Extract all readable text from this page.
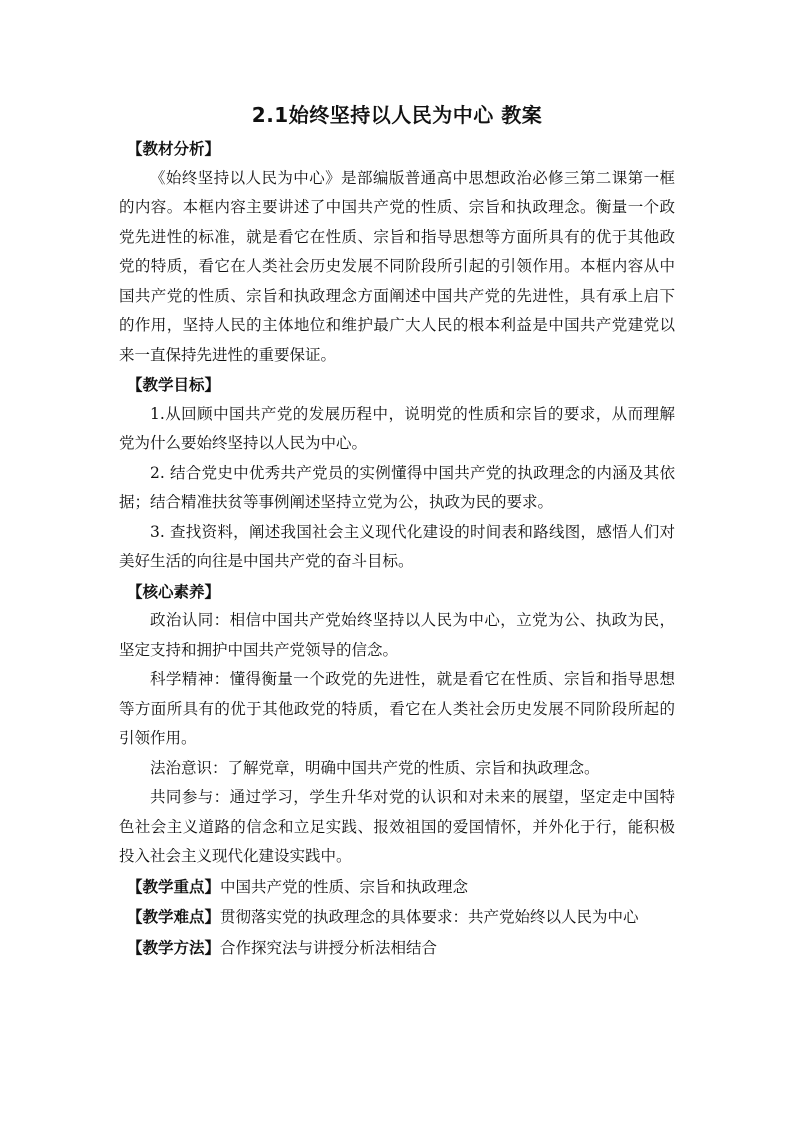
2.1始终坚持以人民为中心 教案

【教材分析】

《始终坚持以人民为中心》是部编版普通高中思想政治必修三第二课第一框的内容。本框内容主要讲述了中国共产党的性质、宗旨和执政理念。衡量一个政党先进性的标准，就是看它在性质、宗旨和指导思想等方面所具有的优于其他政党的特质，看它在人类社会历史发展不同阶段所引起的引领作用。本框内容从中国共产党的性质、宗旨和执政理念方面阐述中国共产党的先进性，具有承上启下的作用，坚持人民的主体地位和维护最广大人民的根本利益是中国共产党建党以来一直保持先进性的重要保证。

【教学目标】

1.从回顾中国共产党的发展历程中，说明党的性质和宗旨的要求，从而理解党为什么要始终坚持以人民为中心。

2. 结合党史中优秀共产党员的实例懂得中国共产党的执政理念的内涵及其依据；结合精准扶贫等事例阐述坚持立党为公，执政为民的要求。

3. 查找资料，阐述我国社会主义现代化建设的时间表和路线图，感悟人们对美好生活的向往是中国共产党的奋斗目标。

【核心素养】

政治认同：相信中国共产党始终坚持以人民为中心，立党为公、执政为民，坚定支持和拥护中国共产党领导的信念。

科学精神：懂得衡量一个政党的先进性，就是看它在性质、宗旨和指导思想等方面所具有的优于其他政党的特质，看它在人类社会历史发展不同阶段所起的引领作用。

法治意识：了解党章，明确中国共产党的性质、宗旨和执政理念。

共同参与：通过学习，学生升华对党的认识和对未来的展望，坚定走中国特色社会主义道路的信念和立足实践、报效祖国的爱国情怀，并外化于行，能积极投入社会主义现代化建设实践中。

【教学重点】中国共产党的性质、宗旨和执政理念

【教学难点】贯彻落实党的执政理念的具体要求：共产党始终以人民为中心

【教学方法】合作探究法与讲授分析法相结合
